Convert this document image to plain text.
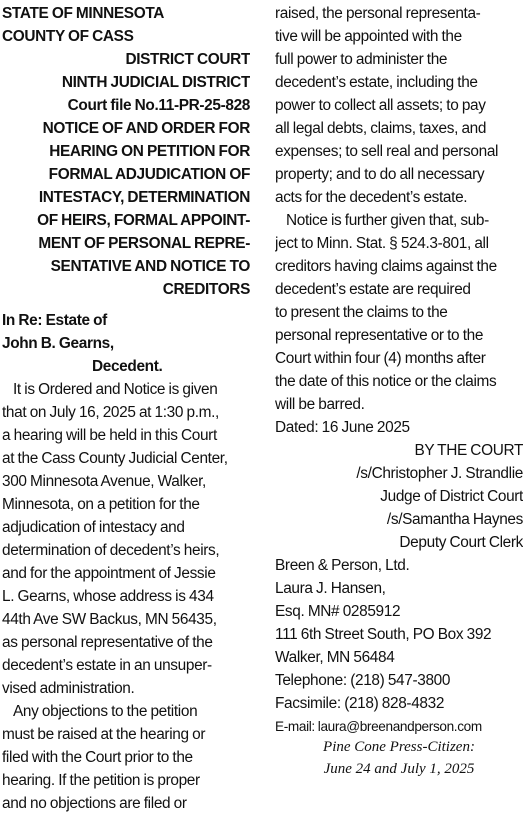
STATE OF MINNESOTA
COUNTY OF CASS
DISTRICT COURT
NINTH JUDICIAL DISTRICT
Court file No.11-PR-25-828
NOTICE OF AND ORDER FOR
HEARING ON PETITION FOR
FORMAL ADJUDICATION OF
INTESTACY, DETERMINATION
OF HEIRS, FORMAL APPOINT-
MENT OF PERSONAL REPRE-
SENTATIVE AND NOTICE TO
CREDITORS
In Re: Estate of
John B. Gearns,
Decedent.
It is Ordered and Notice is given
that on July 16, 2025 at 1:30 p.m.,
a hearing will be held in this Court
at the Cass County Judicial Center,
300 Minnesota Avenue, Walker,
Minnesota, on a petition for the
adjudication of intestacy and
determination of decedent’s heirs,
and for the appointment of Jessie
L. Gearns, whose address is 434
44th Ave SW Backus, MN 56435,
as personal representative of the
decedent’s estate in an unsuper-
vised administration.
Any objections to the petition
must be raised at the hearing or
filed with the Court prior to the
hearing. If the petition is proper
and no objections are filed or
raised, the personal representa-
tive will be appointed with the
full power to administer the
decedent’s estate, including the
power to collect all assets; to pay
all legal debts, claims, taxes, and
expenses; to sell real and personal
property; and to do all necessary
acts for the decedent’s estate.
Notice is further given that, sub-
ject to Minn. Stat. § 524.3-801, all
creditors having claims against the
decedent’s estate are required
to present the claims to the
personal representative or to the
Court within four (4) months after
the date of this notice or the claims
will be barred.
Dated: 16 June 2025
BY THE COURT
/s/Christopher J. Strandlie
Judge of District Court
/s/Samantha Haynes
Deputy Court Clerk
Breen & Person, Ltd.
Laura J. Hansen,
Esq. MN# 0285912
111 6th Street South, PO Box 392
Walker, MN 56484
Telephone: (218) 547-3800
Facsimile: (218) 828-4832
E-mail: laura@breenandperson.com
Pine Cone Press-Citizen:
June 24 and July 1, 2025
